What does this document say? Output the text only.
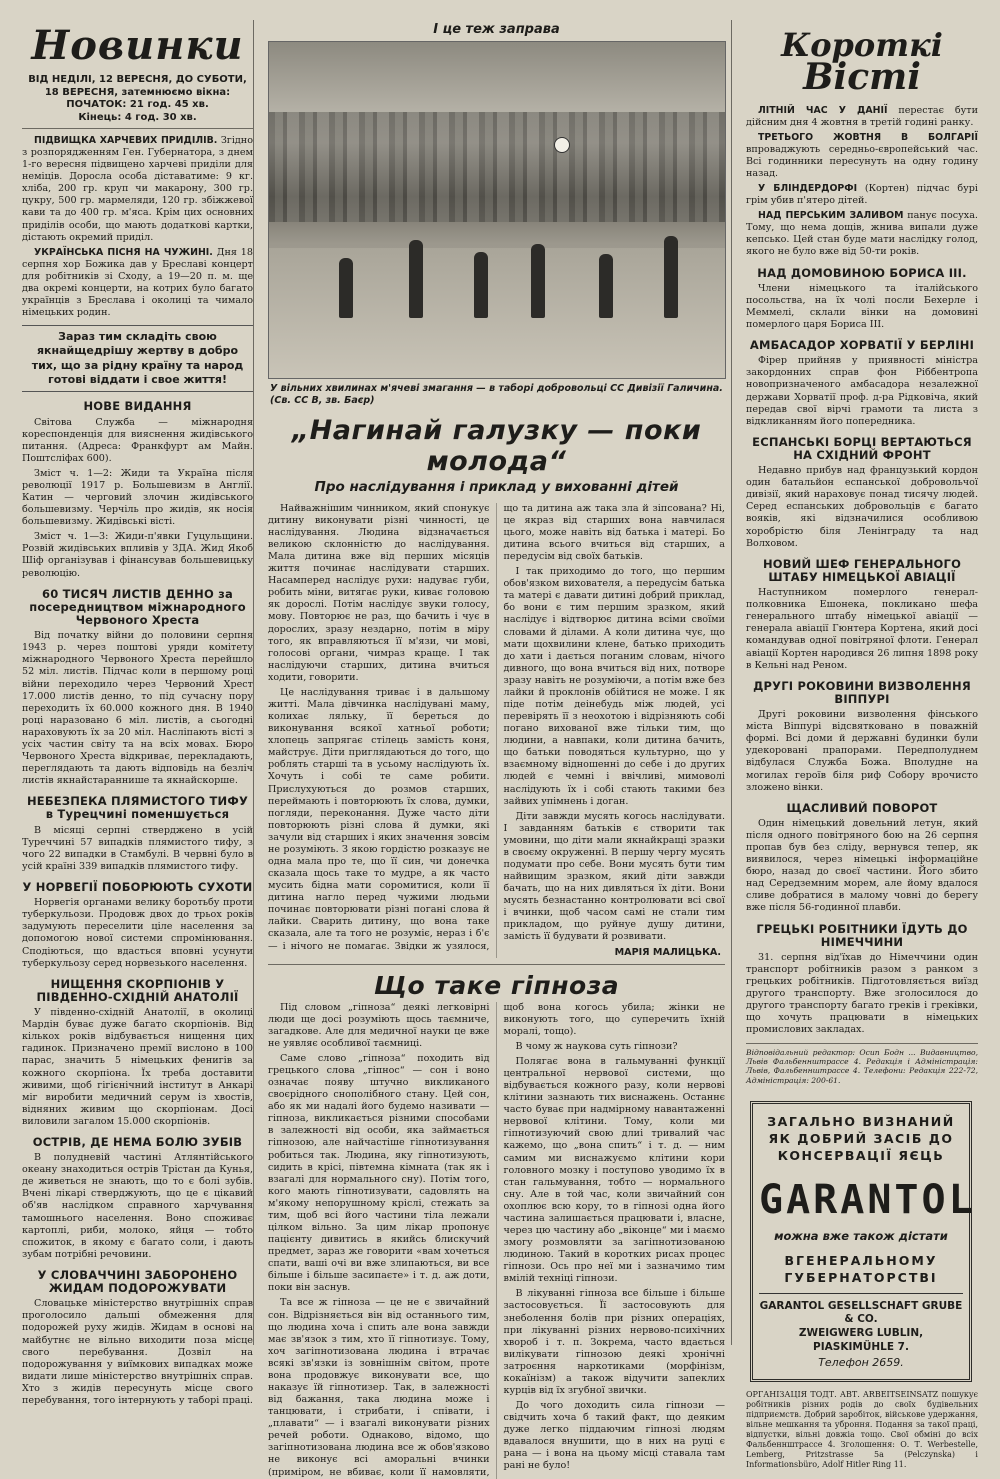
Новинки
ВІД НЕДІЛІ, 12 ВЕРЕСНЯ, ДО СУБОТИ,
18 ВЕРЕСНЯ, затемнюємо вікна:
ПОЧАТОК: 21 год. 45 хв.
Кінець: 4 год. 30 хв.

ПІДВИЩКА ХАРЧЕВИХ ПРИДІЛІВ. Згідно з розпорядженням Ген. Губернатора, з днем 1-го вересня підвищено харчеві приділи для неміців. Доросла особа діставатиме: 9 кг. хліба, 200 гр. круп чи макарону, 300 гр. цукру, 500 гр. мармеляди, 120 гр. збіжжевої кави та до 400 гр. м'яса. Крім цих основних приділів особи, що мають додаткові картки, дістають окремий приділ.

УКРАЇНСЬКА ПІСНЯ НА ЧУЖИНІ. Дня 18 серпня хор Божика дав у Бреславі концерт для робітників зі Сходу, а 19—20 п. м. ще два окремі концерти, на котрих було багато українців з Бреслава і околиці та чимало німецьких родин.

Зараз тим складіть свою якнайщедрішу жертву в добро тих, що за рідну країну та народ готові віддати і свое життя!
НОВЕ ВИДАННЯ

Світова Служба — міжнародня кореспонденція для вияснення жидівського питання. (Адреса: Франкфурт ам Майн. Поштсліфах 600).

Зміст ч. 1—2: Жиди та Україна після революції 1917 р. Большевизм в Англії. Катин — черговий злочин жидівського большевизму. Черчіль про жидів, як носія большевизму. Жидівські вісті.

Зміст ч. 1—3: Жиди-п'явки Гуцульщини. Розвій жидівських впливів у ЗДА. Жид Якоб Шіф організував і фінансував большевицьку революцію.

60 ТИСЯЧ ЛИСТІВ ДЕННО за посередництвом міжнародного Червоного Хреста

Від початку війни до половини серпня 1943 р. через поштові уряди комітету міжнародного Червоного Хреста перейшло 52 міл. листів. Підчас коли в першому році війни переходило через Червоний Хрест 17.000 листів денно, то під сучасну пору переходить їх 60.000 кожного дня. В 1940 році наразовано 6 міл. листів, а сьогодні нараховують їх за 20 міл. Насліпають вісті з усіх частин світу та на всіх мовах. Бюро Червоного Хреста відкриває, перекладають, переглядають та дають відповідь на безліч листів якнайстараннише та якнайскорше.

НЕБЕЗПЕКА ПЛЯМИСТОГО ТИФУ в Турецчині поменшується

В місяці серпні стверджено в усій Туреччині 57 випадків плямистого тифу, з чого 22 випадки в Стамбулі. В червні було в усій країні 339 випадків плямистого тифу.

У НОРВЕГІЇ ПОБОРЮЮТЬ СУХОТИ

Норвегія органами велику боротьбу проти туберкульози. Продовж двох до трьох років задумують переселити ціле населення за допомогою нової системи спромінювання. Сподіються, що вдасться вповні усунути туберкульозу серед норвезького населення.

НИЩЕННЯ СКОРПІОНІВ У ПІВДЕННО-СХІДНІЙ АНАТОЛІЇ

У південно-східній Анатолії, в околиці Мардін буває дуже багато скорпіонів. Від кількох років відбувається нищення цих гадинок. Призначено премії вислоно в 100 парас, значить 5 німецьких фенигів за кожного скорпіона. Їх треба доставити живими, щоб гігієнічний інститут в Анкарі міг виробити медичний серум із хвостів, відняних живим що скорпіонам. Досі виловили загалом 15.000 скорпіонів.

ОСТРІВ, ДЕ НЕМА БОЛЮ ЗУБІВ

В полудневій частині Атлянтійського океану знаходиться острів Трістан да Кунья, де живеться не знають, що то є болі зубів. Вчені лікарі стверджують, що це є цікавий об'яв наслідком справного харчування тамошнього населення. Воно споживає картоплі, риби, молоко, яйця — тобто спожиток, в якому є багато соли, і дають зубам потрібні речовини.

У СЛОВАЧЧИНІ ЗАБОРОНЕНО ЖИДАМ ПОДОРОЖУВАТИ

Словацьке міністерство внутрішніх справ проголосило дальші обмеження для подорожей руху жидів. Жидам в основі на майбутнє не вільно виходити поза місце свого перебування. Дозвіл на подорожування у виїмкових випадках може видати лише міністерство внутрішніх справ. Хто з жидів пересунуть місце свого перебування, того інтернують у таборі праці.

І це теж заправа
У вільних хвилинах м'ячеві змагання — в таборі добровольці СС Дивізії Галичина. (Св. СС В, зв. Баєр)
„Нагинай галузку — поки молода“
Про наслідування і приклад у вихованні дітей

Найважнішим чинником, який спонукує дитину виконувати різні чинності, це наслідування. Людина відзначається великою склонністю до наслідування. Мала дитина вже від перших місяців життя починає наслідувати старших. Насамперед наслідує рухи: надуває губи, робить міни, витягає руки, киває головою як дорослі. Потім наслідує звуки голосу, мову. Повторює не раз, що бачить і чує в дорослих, зразу нездарно, потім в міру того, як вправляються її м'язи, чи мові, голосові органи, чимраз краще. І так наслідуючи старших, дитина вчиться ходити, говорити.

Це наслідування триває і в дальшому житті. Мала дівчинка наслідувані маму, колихає ляльку, її береться до виконування всякої хатньої роботи; хлопець запрягає стілець замість коня, майструє. Діти приглядаються до того, що роблять старші та в усьому наслідують їх. Хочуть і собі те саме робити. Прислухуються до розмов старших, переймають і повторюють їх слова, думки, погляди, переконання. Дуже часто діти повторюють різні слова й думки, які зачули від старших і яких значення зовсім не розуміють. З якою гордістю розказує не одна мала про те, що її син, чи донечка сказала щось таке то мудре, а як часто мусить бідна мати соромитися, коли її дитина нагло перед чужими людьми починає повторювати різні погані слова й лайки. Сварить дитину, що вона таке сказала, але та того не розуміє, нераз і б'є — і нічого не помагає. Звідки ж узялося, що та дитина аж така зла й зіпсована? Ні, це якраз від старших вона навчилася цього, може навіть від батька і матері. Бо дитина всього вчиться від старших, а передусім від своїх батьків.

І так приходимо до того, що першим обов'язком вихователя, а передусім батька та матері є давати дитині добрий приклад, бо вони є тим першим зразком, який наслідує і відтворює дитина всіми своїми словами й ділами. А коли дитина чує, що мати щохвилини клене, батько приходить до хати і дається поганим словам, нічого дивного, що вона вчиться від них, потворе зразу навіть не розуміючи, а потім вже без лайки й проклонів обійтися не може. І як піде потім деінебудь між людей, усі перевірять її з неохотою і відрізняють собі погано вихованої вже тільки тим, що людини, а навпаки, коли дитина бачить, що батьки поводяться культурно, що у взаємному відношенні до себе і до других людей є чемні і ввічливі, мимоволі наслідують їх і собі стають такими без зайвих упімнень і доган.

Діти завжди мусять когось наслідувати. І завданням батьків є створити так умовини, що діти мали якнайкращі зразки в своєму окруженні. В першу чергу мусять подумати про себе. Вони мусять бути тим найвищим зразком, який діти завжди бачать, що на них дивляться їх діти. Вони мусять безнастанно контролювати всі свої і вчинки, щоб часом самі не стали тим прикладом, що руйнуе душу дитини, замість її будувати й розвивати.

МАРІЯ МАЛИЦЬКА.
Що таке гіпноза

Під словом „гіпноза“ деякі легковірні люди ще досі розуміють щось таємниче, загадкове. Але для медичної науки це вже не уявляє особливої таємниці.

Саме слово „гіпноза“ походить від грецького слова „гіпнос“ — сон і воно означає появу штучно викликаного своєрідного снополібного стану. Цей сон, або як ми надалі його будемо називати — гіпноза, викликається різними способами в залежності від особи, яка займається гіпнозою, але найчастіше гіпнотизування робиться так. Людина, яку гіпнотизують, сидить в крісі, півтемна кімната (так як і взагалі для нормального сну). Потім того, кого мають гіпнотизувати, садовлять на м'якому непорушному кріслі, стежать за тим, щоб всі його частини тіла лежали цілком вільно. За цим лікар пропонує пацієнту дивитись в якийсь блискучий предмет, зараз же говорити «вам хочеться спати, ваші очі ви вже злипаються, ви все більше і більше засипаєте» і т. д. аж доти, поки він заснув.

Та все ж гіпноза — це не є звичайний сон. Відрізняється він від останнього тим, що людина хоча і спить але вона завжди має зв'язок з тим, хто її гіпнотизує. Тому, хоч загіпнотизована людина і втрачає всякі зв'язки із зовнішнім світом, проте вона продовжує виконувати все, що наказує їй гіпнотизер. Так, в залежності від бажання, така людина може і танцювати, і стрибати, і співати, і „плавати“ — і взагалі виконувати різних речей роботи. Однаково, відомо, що загіпнотизована людина все ж обов'язково не виконує всі аморальні вчинки (приміром, не вбиває, коли її намовляти, щоб вона когось убила; жінки не виконують того, що суперечить їхній моралі, тощо).

В чому ж наукова суть гіпнози?

Полягає вона в гальмуванні функції центральної нервової системи, що відбувається кожного разу, коли нервові клітини зазнають тих виснажень. Останнє часто буває при надмірному навантаженні нервової клітини. Тому, коли ми гіпнотизуючий свою длиі тривалий час кажемо, що „вона спить“ і т. д. — ним самим ми виснажуємо клітини кори головного мозку і поступово уводимо їх в стан гальмування, тобто — нормального сну. Але в той час, коли звичайний сон охоплює всю кору, то в гіпнозі одна його частина залишається працювати і, власне, через цю частину або „віконце“ ми і маємо змогу розмовляти за загіпнотизованою людиною. Такий в коротких рисах процес гіпнози. Ось про неї ми і зазначимо тим вмілій техніці гіпнози.

В лікуванні гіпноза все більше і більше застосовується. Її застосовують для знеболення болів при різних операціях, при лікуванні різних нервово-психічних хвороб і т. п. Зокрема, часто вдається вилікувати гіпнозою деякі хронічні затроєння наркотиками (морфінізм, кокаїнізм) а також відучити запеклих курців від їх згубної звички.

До чого доходить сила гіпнози — свідчить хоча б такий факт, що деяким дуже легко піддаючим гіпнозі людям вдавалося внушити, що в них на руці є рана — і вона на цьому місці ставала там рані не було!

Короткі
Вісті

ЛІТНІЙ ЧАС У ДАНІЇ перестає бути дійсним дня 4 жовтня в третій годині ранку.

ТРЕТЬОГО ЖОВТНЯ В БОЛГАРІЇ впроваджують середньо-європейський час. Всі годинники пересунуть на одну годину назад.

У БЛІНДЕРДОРФІ (Кортен) підчас бурі грім убив п'ятеро дітей.

НАД ПЕРСЬКИМ ЗАЛИВОМ панує посуха. Тому, що нема дощів, жнива випали дуже кепсько. Цей стан буде мати наслідку голод, якого не було вже від 50-ти років.

НАД ДОМОВИНОЮ БОРИСА ІІІ.

Члени німецького та італійського посольства, на їх чолі посли Бехерле і Меммелі, склали вінки на домовині померлого царя Бориса ІІІ.

АМБАСАДОР ХОРВАТІЇ У БЕРЛІНІ

Фірер прийняв у приявності міністра закордонних справ фон Ріббентропа новопризначеного амбасадора незалежної держави Хорватії проф. д-ра Рідковіча, який передав свої вірчі грамоти та листа з відкликанням його попередника.

ЕСПАНСЬКІ БОРЦІ ВЕРТАЮТЬСЯ НА СХІДНИЙ ФРОНТ

Недавно прибув над французький кордон один батальйон еспанської добровольчої дивізії, який нараховує понад тисячу людей. Серед еспанських добровольців є багато вояків, які відзначилися особливою хоробрістю біля Ленінграду та над Волховом.

НОВИЙ ШЕФ ГЕНЕРАЛЬНОГО ШТАБУ НІМЕЦЬКОЇ АВІАЦІЇ

Наступником померлого генерал-полковника Ешонека, покликано шефа генерального штабу німецької авіації — генерала авіації Гюнтера Кортена, який досі командував одної повітряної флоти. Генерал авіації Кортен народився 26 липня 1898 року в Кельні над Реном.

ДРУГІ РОКОВИНИ ВИЗВОЛЕННЯ ВІППУРІ

Другі роковини визволення фінського міста Віппурі відсвятковано в поважній формі. Всі доми й державні будинки були удекоровані прапорами. Передполуднем відбулася Служба Божа. Вполудне на могилах героїв біля риф Собору врочисто зложено вінки.

ЩАСЛИВИЙ ПОВОРОТ

Один німецький довельний летун, який після одного повітряного бою на 26 серпня пропав був без сліду, вернувся тепер, як виявилося, через німецькі інформаційне бюро, назад до своєї частини. Його збито над Середземним морем, але йому вдалося сливе добратися в малому човні до берегу вже після 56-годинної плавби.

ГРЕЦЬКІ РОБІТНИКИ ЇДУТЬ ДО НІМЕЧЧИНИ

31. серпня від'їхав до Німеччини один транспорт робітників разом з ранком з грецьких робітників. Підготовляється виїзд другого транспорту. Вже зголосилося до другого транспорту багато греків і греківки, що хочуть працювати в німецьких промислових закладах.

Відповідальний редактор: Осип Бодн ... Видавництво, Львів Фальбеннштрассе 4. Редакція і Адміністрація: Львів, Фальбеннштрассе 4. Телефони: Редакція 222-72, Адміністрація: 200-61.

ЗАГАЛЬНО ВИЗНАНИЙ
ЯК ДОБРИЙ ЗАСІБ ДО
КОНСЕРВАЦІЇ ЯЄЦЬ
GARANTOL
можна вже також дістати
ВГЕНЕРАЛЬНОМУ
ГУБЕРНАТОРСТВІ
GARANTOL GESELLSCHAFT GRUBE & CO.
ZWEIGWERG LUBLIN, PIASKIMÜHLE 7.
Телефон 2659.

ОРГАНІЗАЦІЯ ТОДТ. АВТ. ARBEITSEINSATZ пошукує робітників різних родів до своїх будівельних підприємств. Добрий заробіток, військове удержання, вільне мешкання та уброння. Подання за такої праці, відпустки, вільні довжіа тощо. Свої обміні до всіх Фальбеннштрассе 4. Зголошення: О. Т. Werbestelle, Lemberg, Pritzstrasse 5а (Pelczynska) і Informationsbüro, Adolf Hitler Ring 11.
